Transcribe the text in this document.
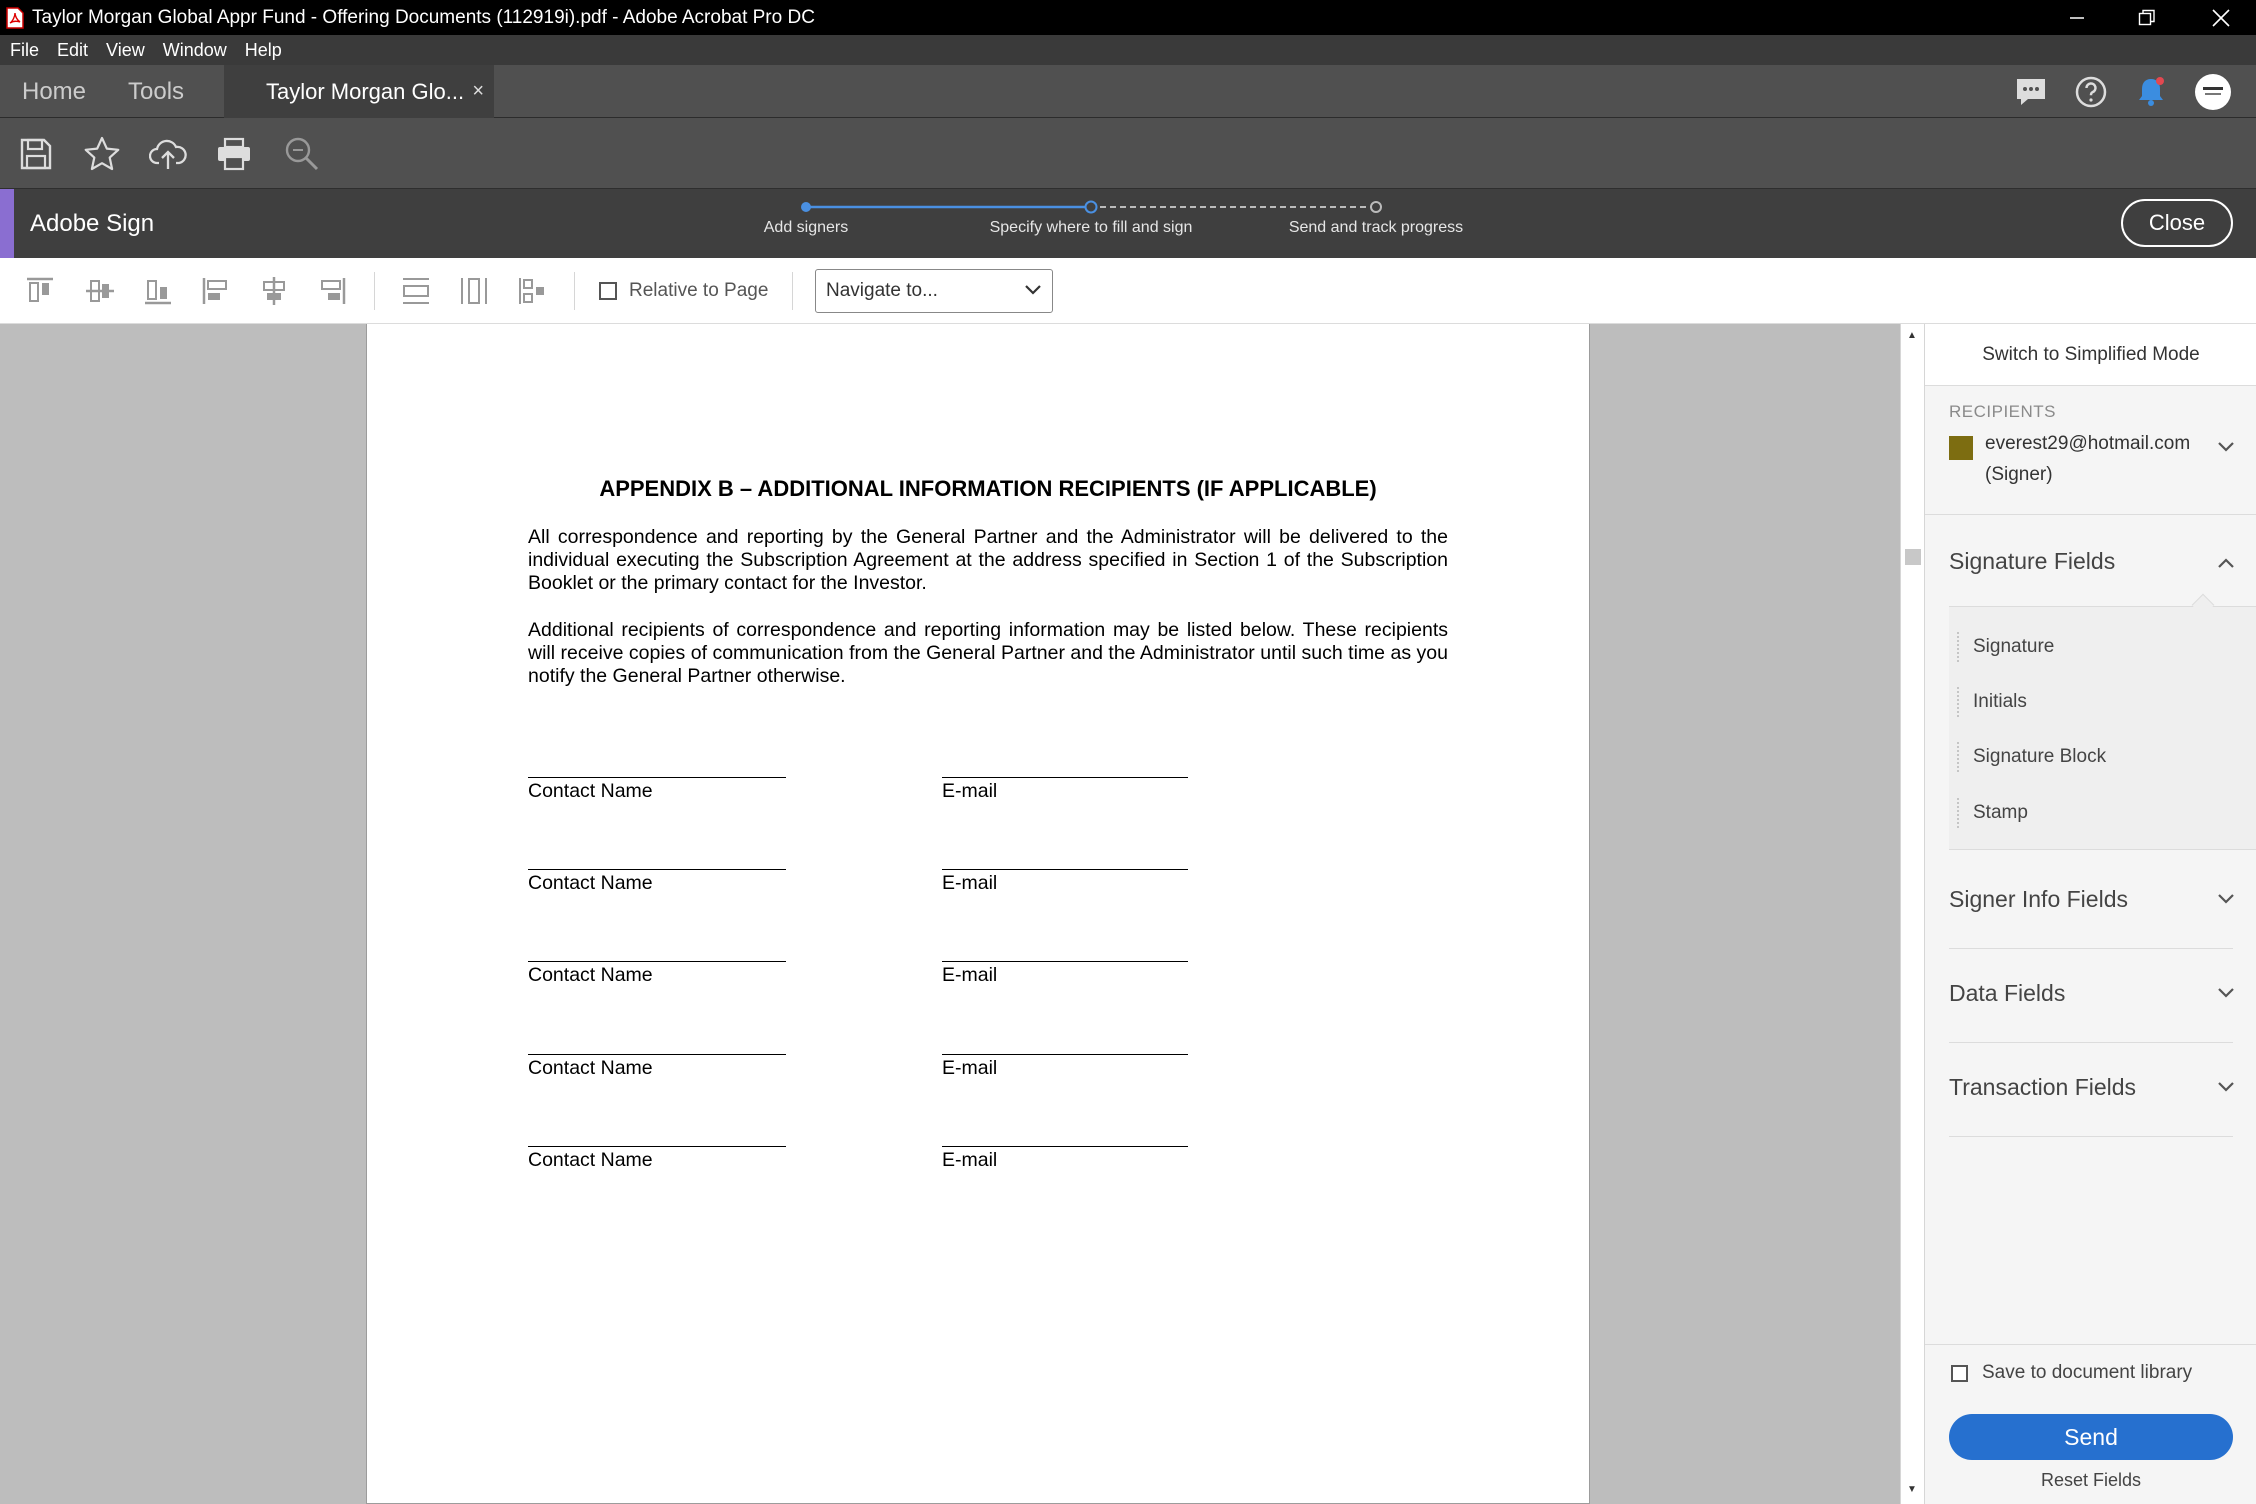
Taylor Morgan Global Appr Fund - Offering Documents (112919i).pdf - Adobe Acrobat Pro DC
File Edit View Window Help
Home Tools	Taylor Morgan Glo... ×
Adobe Sign	Add signers	Specify where to fill and sign	Send and track progress	Close
Relative to Page	Navigate to...
APPENDIX B – ADDITIONAL INFORMATION RECIPIENTS (IF APPLICABLE)
All correspondence and reporting by the General Partner and the Administrator will be delivered to the individual executing the Subscription Agreement at the address specified in Section 1 of the Subscription Booklet or the primary contact for the Investor.
Additional recipients of correspondence and reporting information may be listed below. These recipients will receive copies of communication from the General Partner and the Administrator until such time as you notify the General Partner otherwise.
Contact Name	E-mail
Contact Name	E-mail
Contact Name	E-mail
Contact Name	E-mail
Contact Name	E-mail
▲
▼
Switch to Simplified Mode
RECIPIENTS
everest29@hotmail.com
(Signer)
Signature Fields
Signature
Initials
Signature Block
Stamp
Signer Info Fields
Data Fields
Transaction Fields
Save to document library
Send
Reset Fields
